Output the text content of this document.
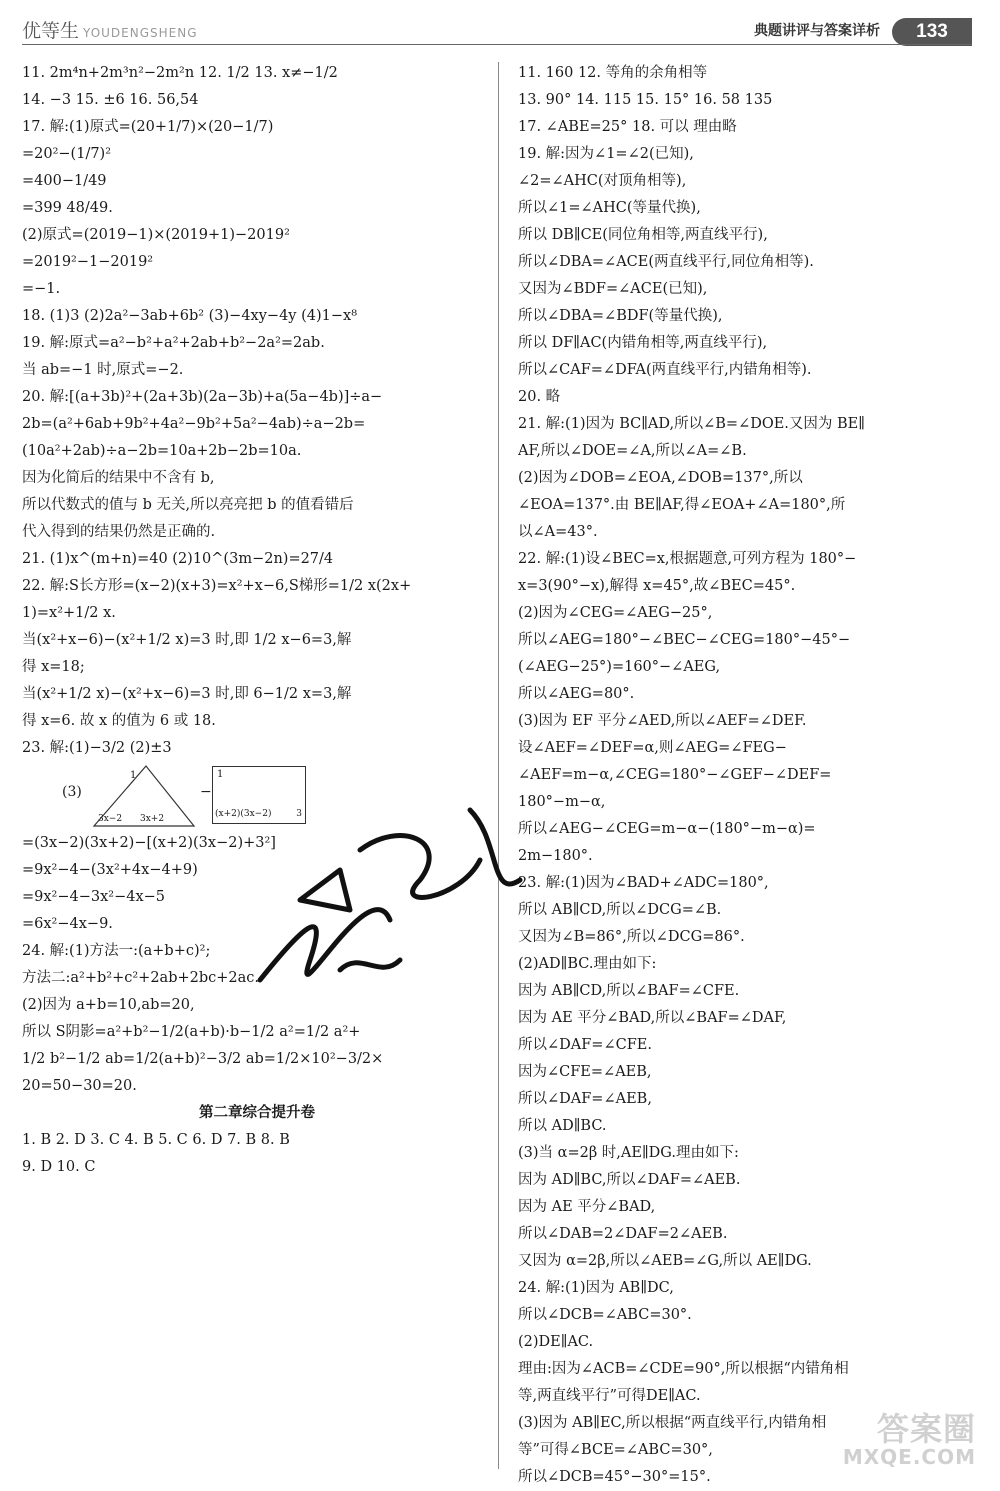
优等生 YOUDENGSHENG	典题讲评与答案详析	133
11. 2m⁴n+2m³n²−2m²n 12. 1/2 13. x≠−1/2
14. −3 15. ±6 16. 56,54
17. 解:(1)原式=(20+1/7)×(20−1/7)
=20²−(1/7)²
=400−1/49
=399 48/49.
(2)原式=(2019−1)×(2019+1)−2019²
=2019²−1−2019²
=−1.
18. (1)3 (2)2a²−3ab+6b² (3)−4xy−4y (4)1−x⁸
19. 解:原式=a²−b²+a²+2ab+b²−2a²=2ab.
当 ab=−1 时,原式=−2.
20. 解:[(a+3b)²+(2a+3b)(2a−3b)+a(5a−4b)]÷a−
2b=(a²+6ab+9b²+4a²−9b²+5a²−4ab)÷a−2b=
(10a²+2ab)÷a−2b=10a+2b−2b=10a.
因为化简后的结果中不含有 b,
所以代数式的值与 b 无关,所以亮亮把 b 的值看错后
代入得到的结果仍然是正确的.
21. (1)x^(m+n)=40 (2)10^(3m−2n)=27/4
22. 解:S长方形=(x−2)(x+3)=x²+x−6,S梯形=1/2 x(2x+
1)=x²+1/2 x.
当(x²+x−6)−(x²+1/2 x)=3 时,即 1/2 x−6=3,解
得 x=18;
当(x²+1/2 x)−(x²+x−6)=3 时,即 6−1/2 x=3,解
得 x=6. 故 x 的值为 6 或 18.
23. 解:(1)−3/2 (2)±3
(3)
1
3x−2 3x+2
−
1
(x+2)(3x−2)	3
=(3x−2)(3x+2)−[(x+2)(3x−2)+3²]
=9x²−4−(3x²+4x−4+9)
=9x²−4−3x²−4x−5
=6x²−4x−9.
24. 解:(1)方法一:(a+b+c)²;
方法二:a²+b²+c²+2ab+2bc+2ac.
(2)因为 a+b=10,ab=20,
所以 S阴影=a²+b²−1/2(a+b)·b−1/2 a²=1/2 a²+
1/2 b²−1/2 ab=1/2(a+b)²−3/2 ab=1/2×10²−3/2×
20=50−30=20.
第二章综合提升卷
1. B 2. D 3. C 4. B 5. C 6. D 7. B 8. B
9. D 10. C
11. 160 12. 等角的余角相等
13. 90° 14. 115 15. 15° 16. 58 135
17. ∠ABE=25° 18. 可以 理由略
19. 解:因为∠1=∠2(已知),
∠2=∠AHC(对顶角相等),
所以∠1=∠AHC(等量代换),
所以 DB∥CE(同位角相等,两直线平行),
所以∠DBA=∠ACE(两直线平行,同位角相等).
又因为∠BDF=∠ACE(已知),
所以∠DBA=∠BDF(等量代换),
所以 DF∥AC(内错角相等,两直线平行),
所以∠CAF=∠DFA(两直线平行,内错角相等).
20. 略
21. 解:(1)因为 BC∥AD,所以∠B=∠DOE.又因为 BE∥
AF,所以∠DOE=∠A,所以∠A=∠B.
(2)因为∠DOB=∠EOA,∠DOB=137°,所以
∠EOA=137°.由 BE∥AF,得∠EOA+∠A=180°,所
以∠A=43°.
22. 解:(1)设∠BEC=x,根据题意,可列方程为 180°−
x=3(90°−x),解得 x=45°,故∠BEC=45°.
(2)因为∠CEG=∠AEG−25°,
所以∠AEG=180°−∠BEC−∠CEG=180°−45°−
(∠AEG−25°)=160°−∠AEG,
所以∠AEG=80°.
(3)因为 EF 平分∠AED,所以∠AEF=∠DEF.
设∠AEF=∠DEF=α,则∠AEG=∠FEG−
∠AEF=m−α,∠CEG=180°−∠GEF−∠DEF=
180°−m−α,
所以∠AEG−∠CEG=m−α−(180°−m−α)=
2m−180°.
23. 解:(1)因为∠BAD+∠ADC=180°,
所以 AB∥CD,所以∠DCG=∠B.
又因为∠B=86°,所以∠DCG=86°.
(2)AD∥BC.理由如下:
因为 AB∥CD,所以∠BAF=∠CFE.
因为 AE 平分∠BAD,所以∠BAF=∠DAF,
所以∠DAF=∠CFE.
因为∠CFE=∠AEB,
所以∠DAF=∠AEB,
所以 AD∥BC.
(3)当 α=2β 时,AE∥DG.理由如下:
因为 AD∥BC,所以∠DAF=∠AEB.
因为 AE 平分∠BAD,
所以∠DAB=2∠DAF=2∠AEB.
又因为 α=2β,所以∠AEB=∠G,所以 AE∥DG.
24. 解:(1)因为 AB∥DC,
所以∠DCB=∠ABC=30°.
(2)DE∥AC.
理由:因为∠ACB=∠CDE=90°,所以根据“内错角相
等,两直线平行”可得DE∥AC.
(3)因为 AB∥EC,所以根据“两直线平行,内错角相
等”可得∠BCE=∠ABC=30°,
所以∠DCB=45°−30°=15°.
答案圈
MXQE.COM
